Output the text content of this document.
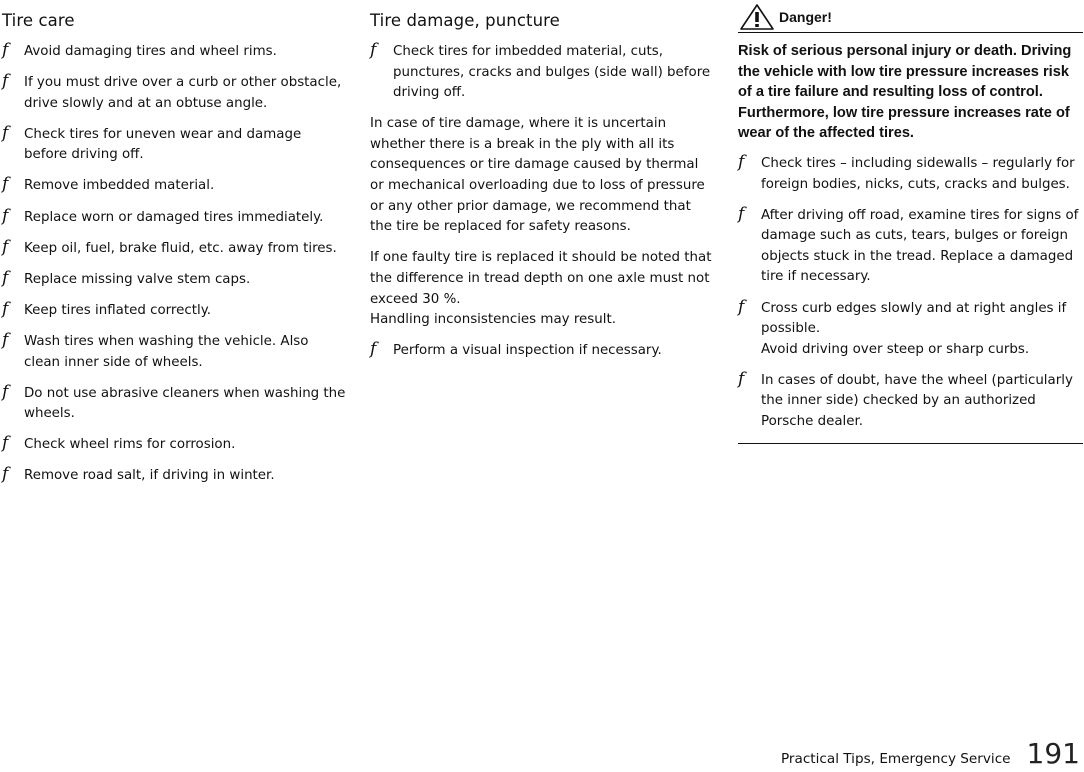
Tire care
f Avoid damaging tires and wheel rims.
f If you must drive over a curb or other obstacle, drive slowly and at an obtuse angle.
f Check tires for uneven wear and damage before driving off.
f Remove imbedded material.
f Replace worn or damaged tires immediately.
f Keep oil, fuel, brake fluid, etc. away from tires.
f Replace missing valve stem caps.
f Keep tires inflated correctly.
f Wash tires when washing the vehicle. Also clean inner side of wheels.
f Do not use abrasive cleaners when washing the wheels.
f Check wheel rims for corrosion.
f Remove road salt, if driving in winter.
Tire damage, puncture
f Check tires for imbedded material, cuts, punctures, cracks and bulges (side wall) before driving off.

In case of tire damage, where it is uncertain whether there is a break in the ply with all its consequences or tire damage caused by thermal or mechanical overloading due to loss of pressure or any other prior damage, we recommend that the tire be replaced for safety reasons.

If one faulty tire is replaced it should be noted that the difference in tread depth on one axle must not exceed 30 %.
Handling inconsistencies may result.

f Perform a visual inspection if necessary.
Danger!

Risk of serious personal injury or death. Driving the vehicle with low tire pressure increases risk of a tire failure and resulting loss of control. Furthermore, low tire pressure increases rate of wear of the affected tires.

f Check tires – including sidewalls – regularly for foreign bodies, nicks, cuts, cracks and bulges.
f After driving off road, examine tires for signs of damage such as cuts, tears, bulges or foreign objects stuck in the tread. Replace a damaged tire if necessary.
f Cross curb edges slowly and at right angles if possible.
Avoid driving over steep or sharp curbs.
f In cases of doubt, have the wheel (particularly the inner side) checked by an authorized Porsche dealer.
Practical Tips, Emergency Service 191
